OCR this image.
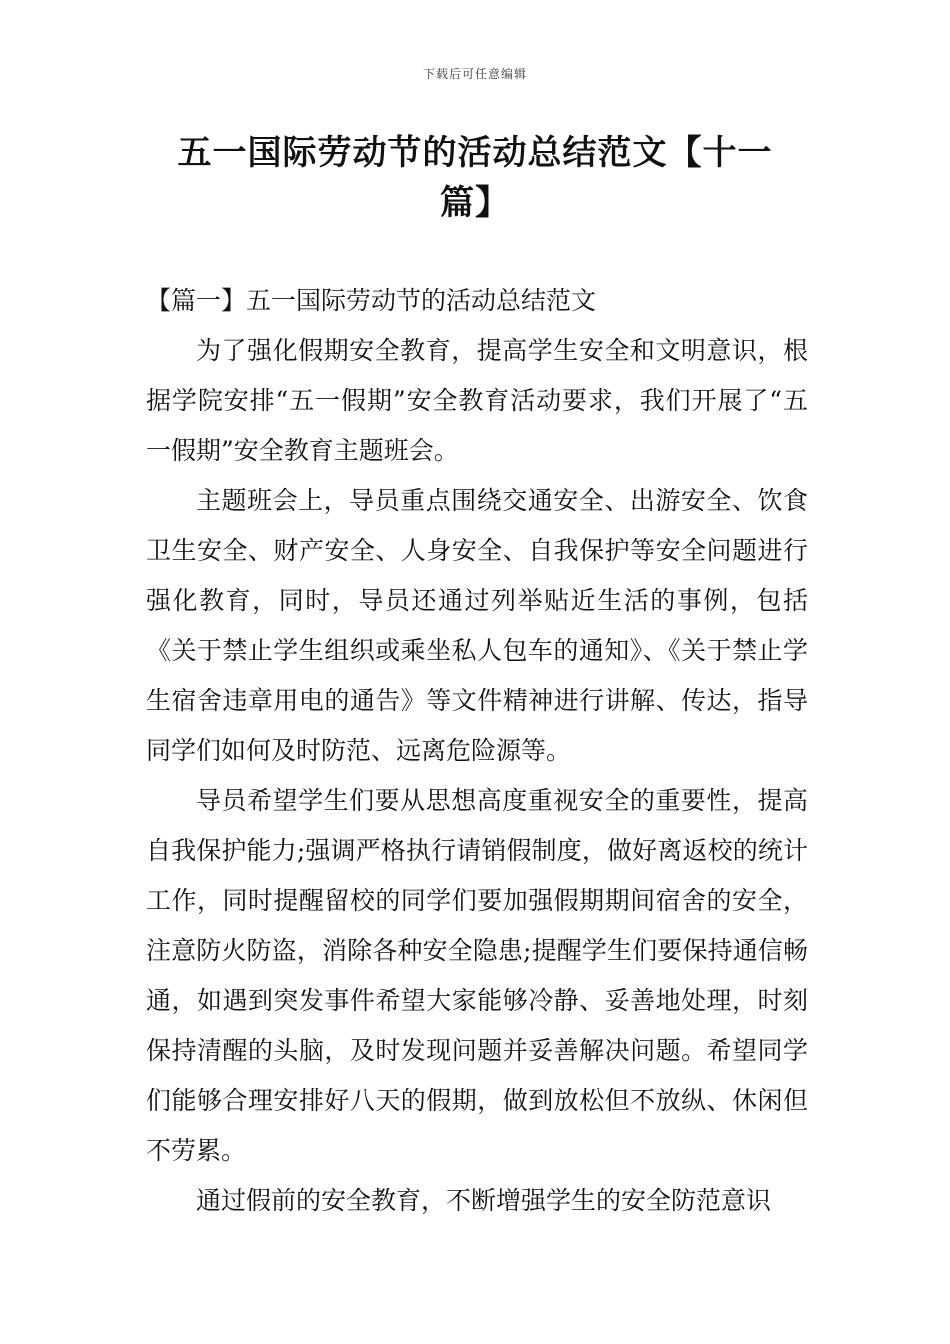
下载后可任意编辑
五一国际劳动节的活动总结范文【十一篇】

【篇一】五一国际劳动节的活动总结范文

为了强化假期安全教育，提高学生安全和文明意识，根据学院安排“五一假期”安全教育活动要求，我们开展了“五一假期”安全教育主题班会。

主题班会上，导员重点围绕交通安全、出游安全、饮食卫生安全、财产安全、人身安全、自我保护等安全问题进行强化教育，同时，导员还通过列举贴近生活的事例，包括《关于禁止学生组织或乘坐私人包车的通知》、《关于禁止学生宿舍违章用电的通告》等文件精神进行讲解、传达，指导同学们如何及时防范、远离危险源等。

导员希望学生们要从思想高度重视安全的重要性，提高自我保护能力;强调严格执行请销假制度，做好离返校的统计工作，同时提醒留校的同学们要加强假期期间宿舍的安全，注意防火防盗，消除各种安全隐患;提醒学生们要保持通信畅通，如遇到突发事件希望大家能够冷静、妥善地处理，时刻保持清醒的头脑，及时发现问题并妥善解决问题。希望同学们能够合理安排好八天的假期，做到放松但不放纵、休闲但不劳累。

通过假前的安全教育，不断增强学生的安全防范意识
